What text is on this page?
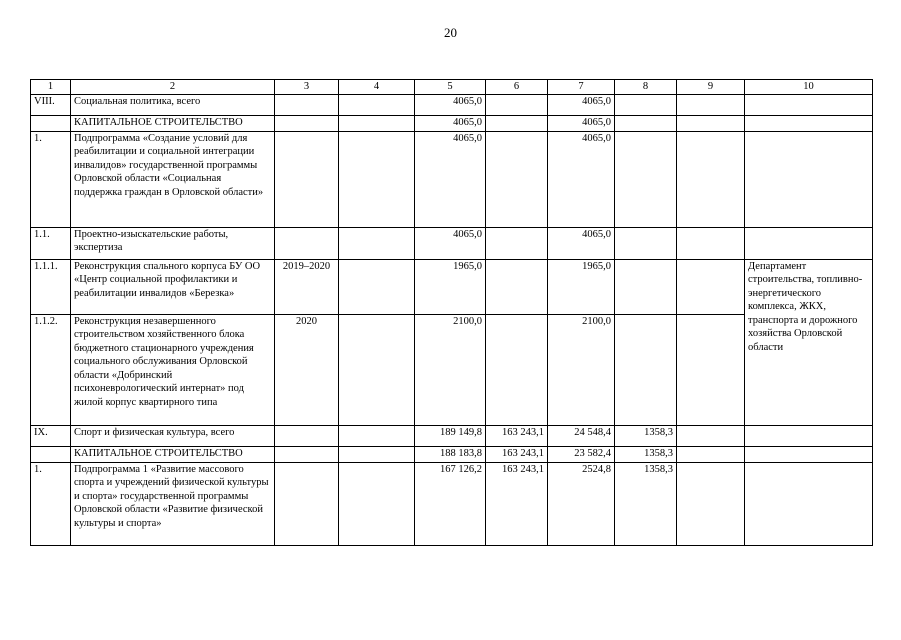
20
1	2	3	4	5	6	7	8	9	10
VIII.	Социальная политика, всего			4065,0		4065,0			
	КАПИТАЛЬНОЕ СТРОИТЕЛЬСТВО			4065,0		4065,0			
1.	Подпрограмма «Создание условий для реабилитации и социальной интеграции инвалидов» государственной программы Орловской области «Социальная поддержка граждан в Орловской области»			4065,0		4065,0			
1.1.	Проектно-изыскательские работы, экспертиза			4065,0		4065,0			
1.1.1.	Реконструкция спального корпуса БУ ОО «Центр социальной профилактики и реабилитации инвалидов «Березка»	2019–2020		1965,0		1965,0			Департамент строительства, топливно-энергетического комплекса, ЖКХ, транспорта и дорожного хозяйства Орловской области
1.1.2.	Реконструкция незавершенного строительством хозяйственного блока бюджетного стационарного учреждения социального обслуживания Орловской области «Добринский психоневрологический интернат» под жилой корпус квартирного типа	2020		2100,0		2100,0			
IX.	Спорт и физическая культура, всего			189 149,8	163 243,1	24 548,4	1358,3		
	КАПИТАЛЬНОЕ СТРОИТЕЛЬСТВО			188 183,8	163 243,1	23 582,4	1358,3		
1.	Подпрограмма 1 «Развитие массового спорта и учреждений физической культуры и спорта» государственной программы Орловской области «Развитие физической культуры и спорта»			167 126,2	163 243,1	2524,8	1358,3		
